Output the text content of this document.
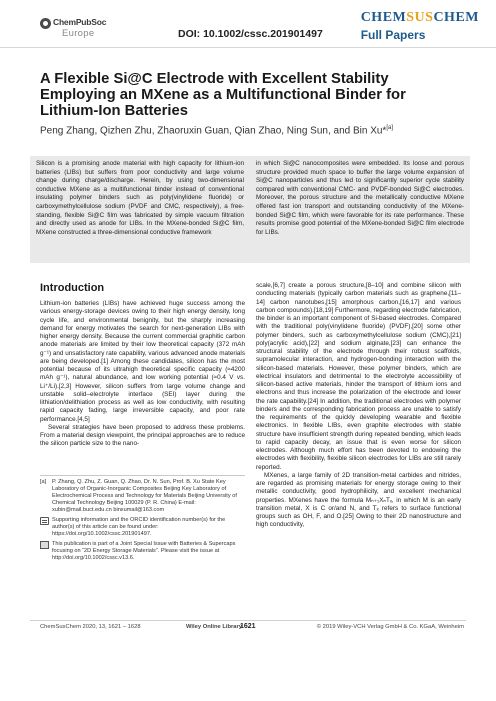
ChemPubSoc
Europe	DOI: 10.1002/cssc.201901497
CHEMSUSCHEM
Full Papers
A Flexible Si@C Electrode with Excellent Stability Employing an MXene as a Multifunctional Binder for Lithium-Ion Batteries
Peng Zhang, Qizhen Zhu, Zhaoruxin Guan, Qian Zhao, Ning Sun, and Bin Xu*[a]
Silicon is a promising anode material with high capacity for lithium-ion batteries (LIBs) but suffers from poor conductivity and large volume change during charge/discharge. Herein, by using two-dimensional conductive MXene as a multifunctional binder instead of conventional insulating polymer binders such as poly(vinylidene fluoride) or carboxymethylcellulose sodium (PVDF and CMC, respectively), a free-standing, flexible Si@C film was fabricated by simple vacuum filtration and directly used as anode for LIBs. In the MXene-bonded Si@C film, MXene constructed a three-dimensional conductive framework
in which Si@C nanocomposites were embedded. Its loose and porous structure provided much space to buffer the large volume expansion of Si@C nanoparticles and thus led to significantly superior cycle stability compared with conventional CMC- and PVDF-bonded Si@C electrodes. Moreover, the porous structure and the metallically conductive MXene offered fast ion transport and outstanding conductivity of the MXene-bonded Si@C film, which were favorable for its rate performance. These results promise good potential of the MXene-bonded Si@C film electrode for LIBs.
Introduction

Lithium-ion batteries (LIBs) have achieved huge success among the various energy-storage devices owing to their high energy density, long cycle life, and environmental benignity, but the sharply increasing demand for energy motivates the search for next-generation LIBs with higher energy density. Because the current commercial graphitic carbon anode materials are limited by their low theoretical capacity (372 mAh g⁻¹) and unsatisfactory rate capability, various advanced anode materials are being developed.[1] Among these candidates, silicon has the most potential because of its ultrahigh theoretical specific capacity (≈4200 mAh g⁻¹), natural abundance, and low working potential (≈0.4 V vs. Li⁺/Li).[2,3] However, silicon suffers from large volume change and unstable solid–electrolyte interface (SEI) layer during the lithiation/delithiation process as well as low conductivity, with resulting rapid capacity fading, large irreversible capacity, and poor rate performance.[4,5]

Several strategies have been proposed to address these problems. From a material design viewpoint, the principal approaches are to reduce the silicon particle size to the nano-

scale,[6,7] create a porous structure,[8–10] and combine silicon with conducting materials (typically carbon materials such as graphene,[11–14] carbon nanotubes,[15] amorphous carbon,[16,17] and various carbon compounds).[18,19] Furthermore, regarding electrode fabrication, the binder is an important component of Si-based electrodes. Compared with the traditional poly(vinylidene fluoride) (PVDF),[20] some other polymer binders, such as carboxymethylcellulose sodium (CMC),[21] poly(acrylic acid),[22] and sodium alginate,[23] can enhance the structural stability of the electrode through their robust scaffolds, supramolecular interaction, and hydrogen-bonding interaction with the silicon-based materials. However, these polymer binders, which are electrical insulators and detrimental to the electrolyte accessibility of silicon-based active materials, hinder the transport of lithium ions and electrons and thus increase the polarization of the electrode and lower the rate capability.[24] In addition, the traditional electrodes with polymer binders and the corresponding fabrication process are unable to satisfy the requirements of the quickly developing wearable and flexible electronics. In flexible LIBs, even graphite electrodes with stable structure have insufficient strength during repeated bending, which leads to rapid capacity decay, an issue that is even worse for silicon electrodes. Although much effort has been devoted to endowing the electrodes with flexibility, flexible silicon electrodes for LIBs are still rarely reported.

MXenes, a large family of 2D transition-metal carbides and nitrides, are regarded as promising materials for energy storage owing to their metallic conductivity, good hydrophilicity, and excellent mechanical properties. MXenes have the formula Mₙ₊₁XₙTₓ, in which M is an early transition metal, X is C or/and N, and Tₓ refers to surface functional groups such as OH, F, and O.[25] Owing to their 2D nanostructure and high conductivity,

[a]	P. Zhang, Q. Zhu, Z. Guan, Q. Zhao, Dr. N. Sun, Prof. B. Xu State Key Laboratory of Organic-Inorganic Composites Beijing Key Laboratory of Electrochemical Process and Technology for Materials Beijing University of Chemical Technology Beijing 100029 (P. R. China) E-mail: xubin@mail.buct.edu.cn binxumail@163.com
Supporting information and the ORCID identification number(s) for the author(s) of this article can be found under: https://doi.org/10.1002/cssc.201901497.
This publication is part of a Joint Special Issue with Batteries & Supercaps focusing on “2D Energy Storage Materials”. Please visit the issue at http://doi.org/10.1002/cssc.v13.6.
ChemSusChem 2020, 13, 1621 – 1628	Wiley Online Library
1621	© 2019 Wiley-VCH Verlag GmbH & Co. KGaA, Weinheim
